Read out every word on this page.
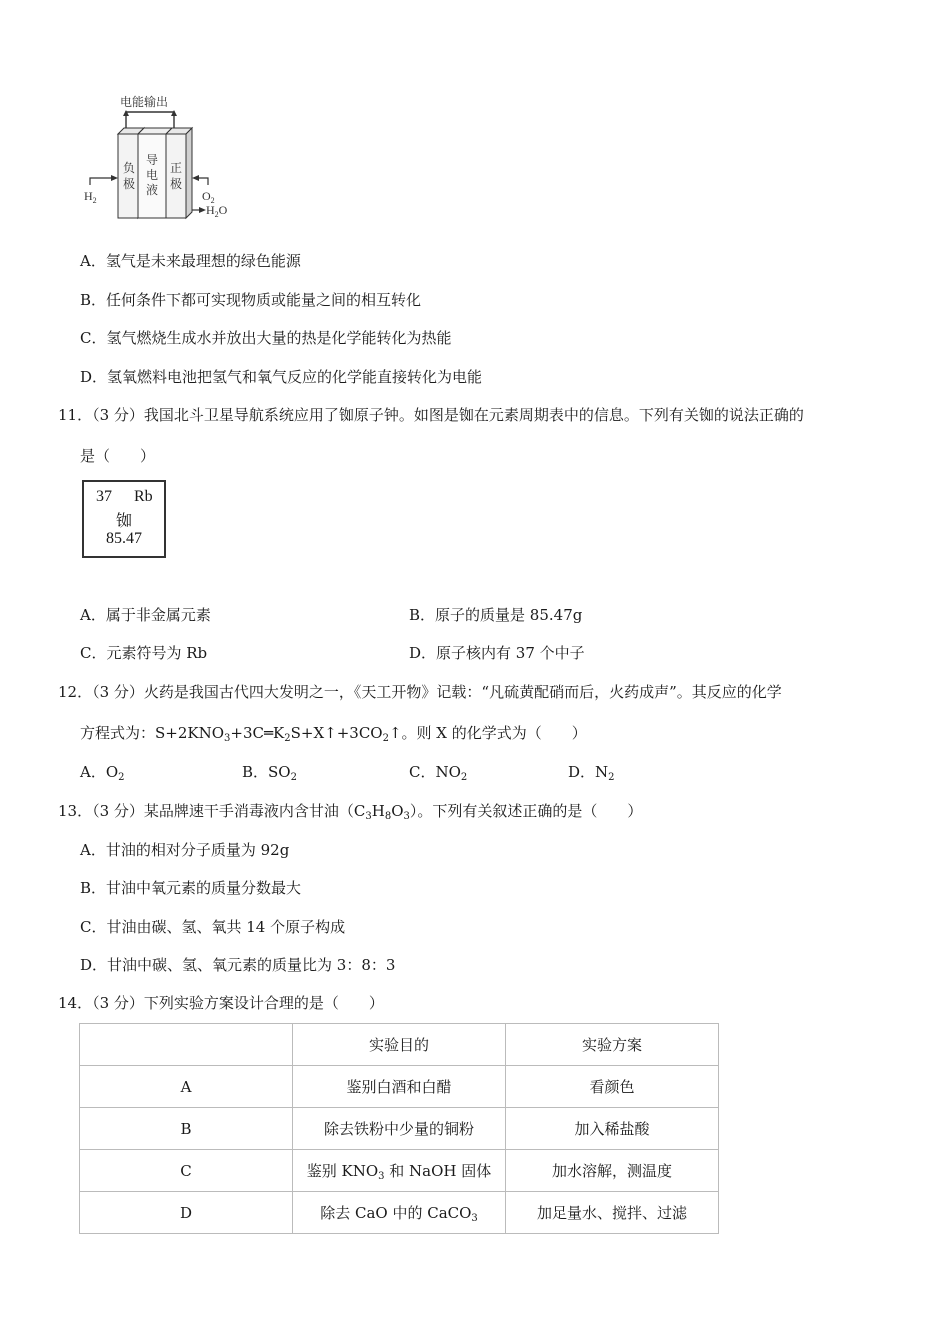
电能输出
负
极
导
电
液
正
极
$H_2$	$O_2$
$H_2O$
A．氢气是未来最理想的绿色能源
B．任何条件下都可实现物质或能量之间的相互转化
C．氢气燃烧生成水并放出大量的热是化学能转化为热能
D．氢氧燃料电池把氢气和氧气反应的化学能直接转化为电能
11．（3 分）我国北斗卫星导航系统应用了铷原子钟。如图是铷在元素周期表中的信息。下列有关铷的说法正确的
是（　　）
37 Rb
铷
85.47
A．属于非金属元素	B．原子的质量是 85.47g
C．元素符号为 Rb	D．原子核内有 37 个中子
12．（3 分）火药是我国古代四大发明之一，《天工开物》记载：“凡硫黄配硝而后，火药成声”。其反应的化学
方程式为：$S+2KNO_3+3C═K_2S+X↑+3CO_2↑$。则 X 的化学式为（　　）
A．$O_2$	B．$SO_2$	C．$NO_2$	D．$N_2$
13．（3 分）某品牌速干手消毒液内含甘油$(C_3H_8O_3)$。下列有关叙述正确的是（　　）
A．甘油的相对分子质量为 92g
B．甘油中氧元素的质量分数最大
C．甘油由碳、氢、氧共 14 个原子构成
D．甘油中碳、氢、氧元素的质量比为 3：8：3
14．（3 分）下列实验方案设计合理的是（　　）
	实验目的	实验方案
A	鉴别白酒和白醋	看颜色
B	除去铁粉中少量的铜粉	加入稀盐酸
C	鉴别 $KNO_3$ 和 NaOH 固体	加水溶解，测温度
D	除去 CaO 中的 CaCO$_3$	加足量水、搅拌、过滤
